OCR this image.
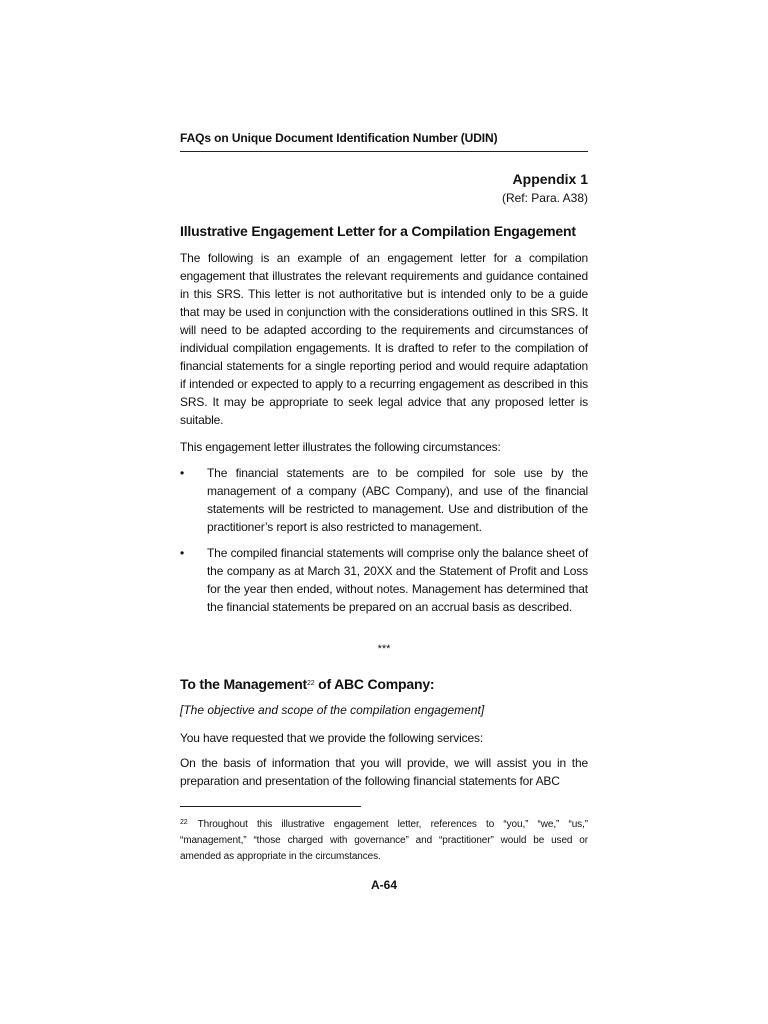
FAQs on Unique Document Identification Number (UDIN)
Appendix 1
(Ref: Para. A38)
Illustrative Engagement Letter for a Compilation Engagement

The following is an example of an engagement letter for a compilation engagement that illustrates the relevant requirements and guidance contained in this SRS. This letter is not authoritative but is intended only to be a guide that may be used in conjunction with the considerations outlined in this SRS. It will need to be adapted according to the requirements and circumstances of individual compilation engagements. It is drafted to refer to the compilation of financial statements for a single reporting period and would require adaptation if intended or expected to apply to a recurring engagement as described in this SRS. It may be appropriate to seek legal advice that any proposed letter is suitable.

This engagement letter illustrates the following circumstances:

• The financial statements are to be compiled for sole use by the management of a company (ABC Company), and use of the financial statements will be restricted to management. Use and distribution of the practitioner’s report is also restricted to management.

• The compiled financial statements will comprise only the balance sheet of the company as at March 31, 20XX and the Statement of Profit and Loss for the year then ended, without notes. Management has determined that the financial statements be prepared on an accrual basis as described.

***
To the Management$^{22}$ of ABC Company:
[The objective and scope of the compilation engagement]

You have requested that we provide the following services:

On the basis of information that you will provide, we will assist you in the preparation and presentation of the following financial statements for ABC

$^{22}$ Throughout this illustrative engagement letter, references to “you,” “we,” “us,” “management,” “those charged with governance” and “practitioner” would be used or amended as appropriate in the circumstances.
A-64
